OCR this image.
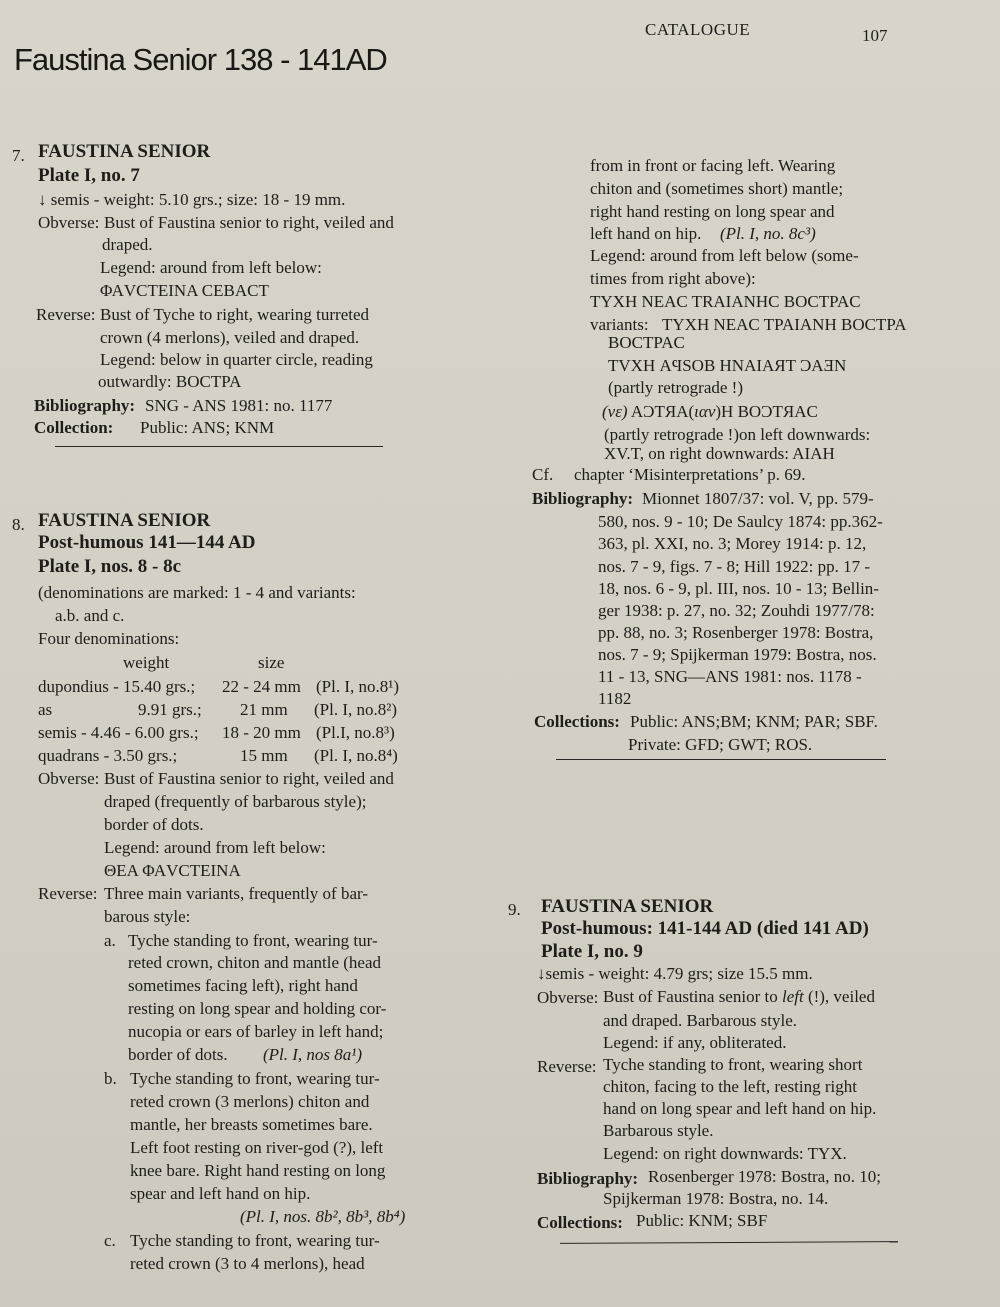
CATALOGUE	107
Faustina Senior 138 - 141AD
7. FAUSTINA SENIOR
Plate I, no. 7
↓ semis - weight: 5.10 grs.; size: 18 - 19 mm.
Obverse: Bust of Faustina senior to right, veiled and
draped.
Legend: around from left below:
ΦΑVCTEINA CEBACT
Reverse: Bust of Tyche to right, wearing turreted
crown (4 merlons), veiled and draped.
Legend: below in quarter circle, reading
outwardly: BOCTPA
Bibliography: SNG - ANS 1981: no. 1177
Collection: Public: ANS; KNM
8. FAUSTINA SENIOR
Post-humous 141—144 AD
Plate I, nos. 8 - 8c
(denominations are marked: 1 - 4 and variants:
a.b. and c.
Four denominations:
weight	size
dupondius - 15.40 grs.; 22 - 24 mm (Pl. I, no.8¹)
as	9.91 grs.; 21 mm (Pl. I, no.8²)
semis - 4.46 - 6.00 grs.; 18 - 20 mm (Pl.I, no.8³)
quadrans - 3.50 grs.;	15 mm (Pl. I, no.8⁴)
Obverse: Bust of Faustina senior to right, veiled and
draped (frequently of barbarous style);
border of dots.
Legend: around from left below:
ΘΕΑ ΦΑVCTEINA
Reverse: Three main variants, frequently of bar-
barous style:
a. Tyche standing to front, wearing tur-
reted crown, chiton and mantle (head
sometimes facing left), right hand
resting on long spear and holding cor-
nucopia or ears of barley in left hand;
border of dots. (Pl. I, nos 8a¹)
b. Tyche standing to front, wearing tur-
reted crown (3 merlons) chiton and
mantle, her breasts sometimes bare.
Left foot resting on river-god (?), left
knee bare. Right hand resting on long
spear and left hand on hip.
(Pl. I, nos. 8b², 8b³, 8b⁴)
c. Tyche standing to front, wearing tur-
reted crown (3 to 4 merlons), head
from in front or facing left. Wearing
chiton and (sometimes short) mantle;
right hand resting on long spear and
left hand on hip. (Pl. I, no. 8c³)
Legend: around from left below (some-
times from right above):
TYXH NEAC TRAIANHC BOCTPAC
variants: TYXH NEAC TPAIANH BOCTPA
BOCTPAC
TVXH ΑϤSOB HNAIAЯT ϽAƎN
(partly retrograde !)
(νε) ΑϽTЯΑ(ιαν)H BOϽTЯAC
(partly retrograde !)on left downwards:
XV.T, on right downwards: AIAH
Cf. chapter ‘Misinterpretations’ p. 69.
Bibliography: Mionnet 1807/37: vol. V, pp. 579-
580, nos. 9 - 10; De Saulcy 1874: pp.362-
363, pl. XXI, no. 3; Morey 1914: p. 12,
nos. 7 - 9, figs. 7 - 8; Hill 1922: pp. 17 -
18, nos. 6 - 9, pl. III, nos. 10 - 13; Bellin-
ger 1938: p. 27, no. 32; Zouhdi 1977/78:
pp. 88, no. 3; Rosenberger 1978: Bostra,
nos. 7 - 9; Spijkerman 1979: Bostra, nos.
11 - 13, SNG—ANS 1981: nos. 1178 -
1182
Collections: Public: ANS;BM; KNM; PAR; SBF.
Private: GFD; GWT; ROS.
9. FAUSTINA SENIOR
Post-humous: 141-144 AD (died 141 AD)
Plate I, no. 9
↓semis - weight: 4.79 grs; size 15.5 mm.
Obverse: Bust of Faustina senior to left (!), veiled
and draped. Barbarous style.
Legend: if any, obliterated.
Reverse: Tyche standing to front, wearing short
chiton, facing to the left, resting right
hand on long spear and left hand on hip.
Barbarous style.
Legend: on right downwards: TYX.
Bibliography: Rosenberger 1978: Bostra, no. 10;
Spijkerman 1978: Bostra, no. 14.
Collections: Public: KNM; SBF
